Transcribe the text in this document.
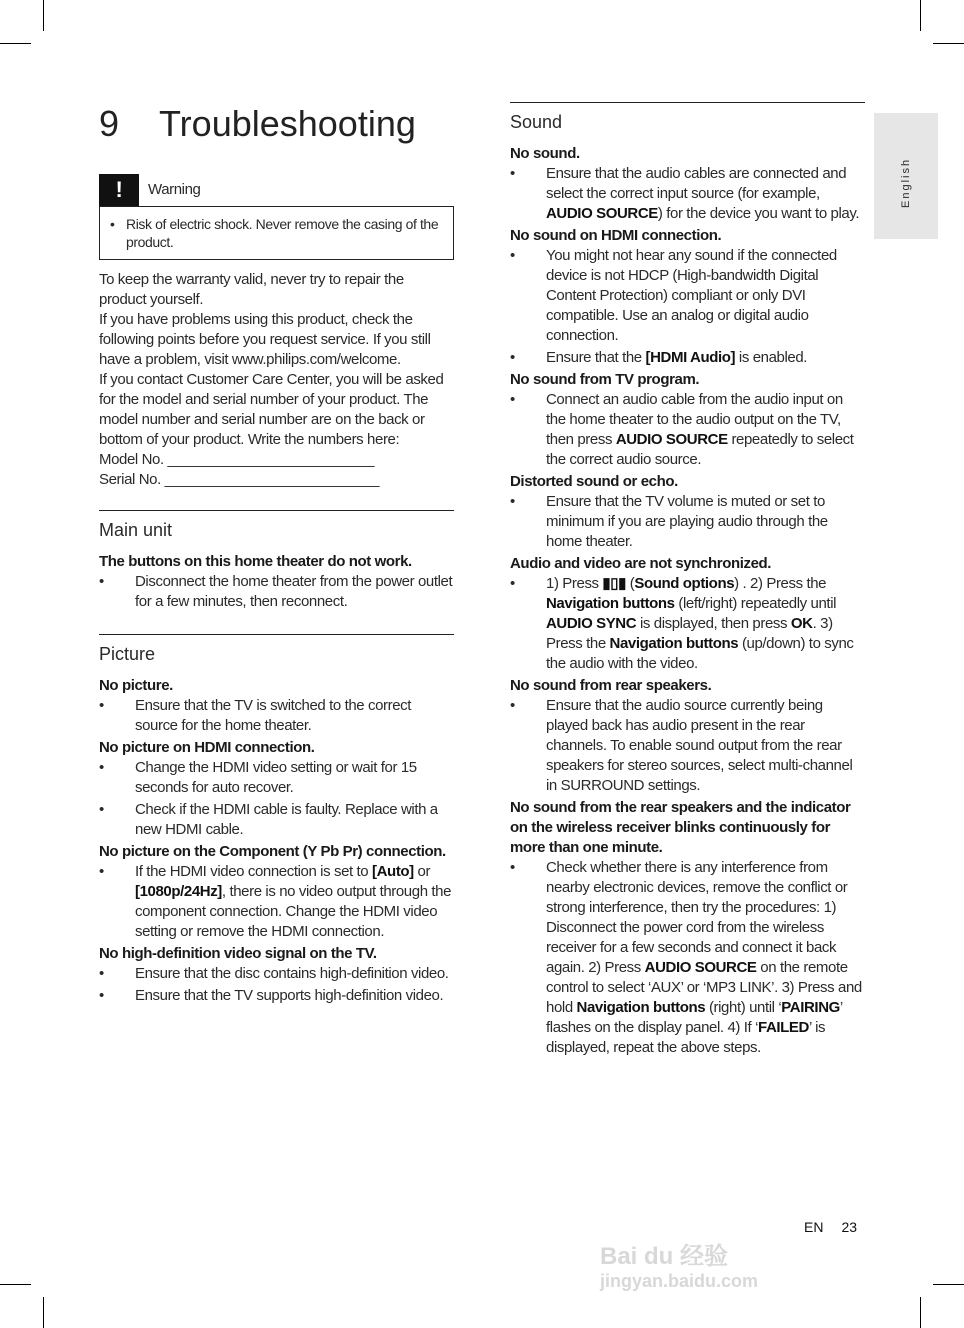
English
9 Troubleshooting
!	Warning
• Risk of electric shock. Never remove the casing of the product.

To keep the warranty valid, never try to repair the product yourself.

If you have problems using this product, check the following points before you request service. If you still have a problem, visit www.philips.com/welcome.

If you contact Customer Care Center, you will be asked for the model and serial number of your product. The model number and serial number are on the back or bottom of your product. Write the numbers here:

Model No. __________________________

Serial No. ___________________________

Main unit
The buttons on this home theater do not work.
•	Disconnect the home theater from the power outlet for a few minutes, then reconnect.
Picture
No picture.
•	Ensure that the TV is switched to the correct source for the home theater.
No picture on HDMI connection.
•	Change the HDMI video setting or wait for 15 seconds for auto recover.
•	Check if the HDMI cable is faulty. Replace with a new HDMI cable.
No picture on the Component (Y Pb Pr) connection.
•	If the HDMI video connection is set to [Auto] or [1080p/24Hz], there is no video output through the component connection. Change the HDMI video setting or remove the HDMI connection.
No high-definition video signal on the TV.
•	Ensure that the disc contains high-definition video.
•	Ensure that the TV supports high-definition video.
Sound
No sound.
•	Ensure that the audio cables are connected and select the correct input source (for example, AUDIO SOURCE) for the device you want to play.
No sound on HDMI connection.
•	You might not hear any sound if the connected device is not HDCP (High-bandwidth Digital Content Protection) compliant or only DVI compatible. Use an analog or digital audio connection.
•	Ensure that the [HDMI Audio] is enabled.
No sound from TV program.
•	Connect an audio cable from the audio input on the home theater to the audio output on the TV, then press AUDIO SOURCE repeatedly to select the correct audio source.
Distorted sound or echo.
•	Ensure that the TV volume is muted or set to minimum if you are playing audio through the home theater.
Audio and video are not synchronized.
•	1) Press ▮▯▮ (Sound options) . 2) Press the Navigation buttons (left/right) repeatedly until AUDIO SYNC is displayed, then press OK. 3) Press the Navigation buttons (up/down) to sync the audio with the video.
No sound from rear speakers.
•	Ensure that the audio source currently being played back has audio present in the rear channels. To enable sound output from the rear speakers for stereo sources, select multi-channel in SURROUND settings.
No sound from the rear speakers and the indicator on the wireless receiver blinks continuously for more than one minute.
•	Check whether there is any interference from nearby electronic devices, remove the conflict or strong interference, then try the procedures: 1) Disconnect the power cord from the wireless receiver for a few seconds and connect it back again. 2) Press AUDIO SOURCE on the remote control to select ‘AUX’ or ‘MP3 LINK’. 3) Press and hold Navigation buttons (right) until ‘PAIRING’ flashes on the display panel. 4) If ‘FAILED’ is displayed, repeat the above steps.
Bai du 经验
jingyan.baidu.com
EN 23
